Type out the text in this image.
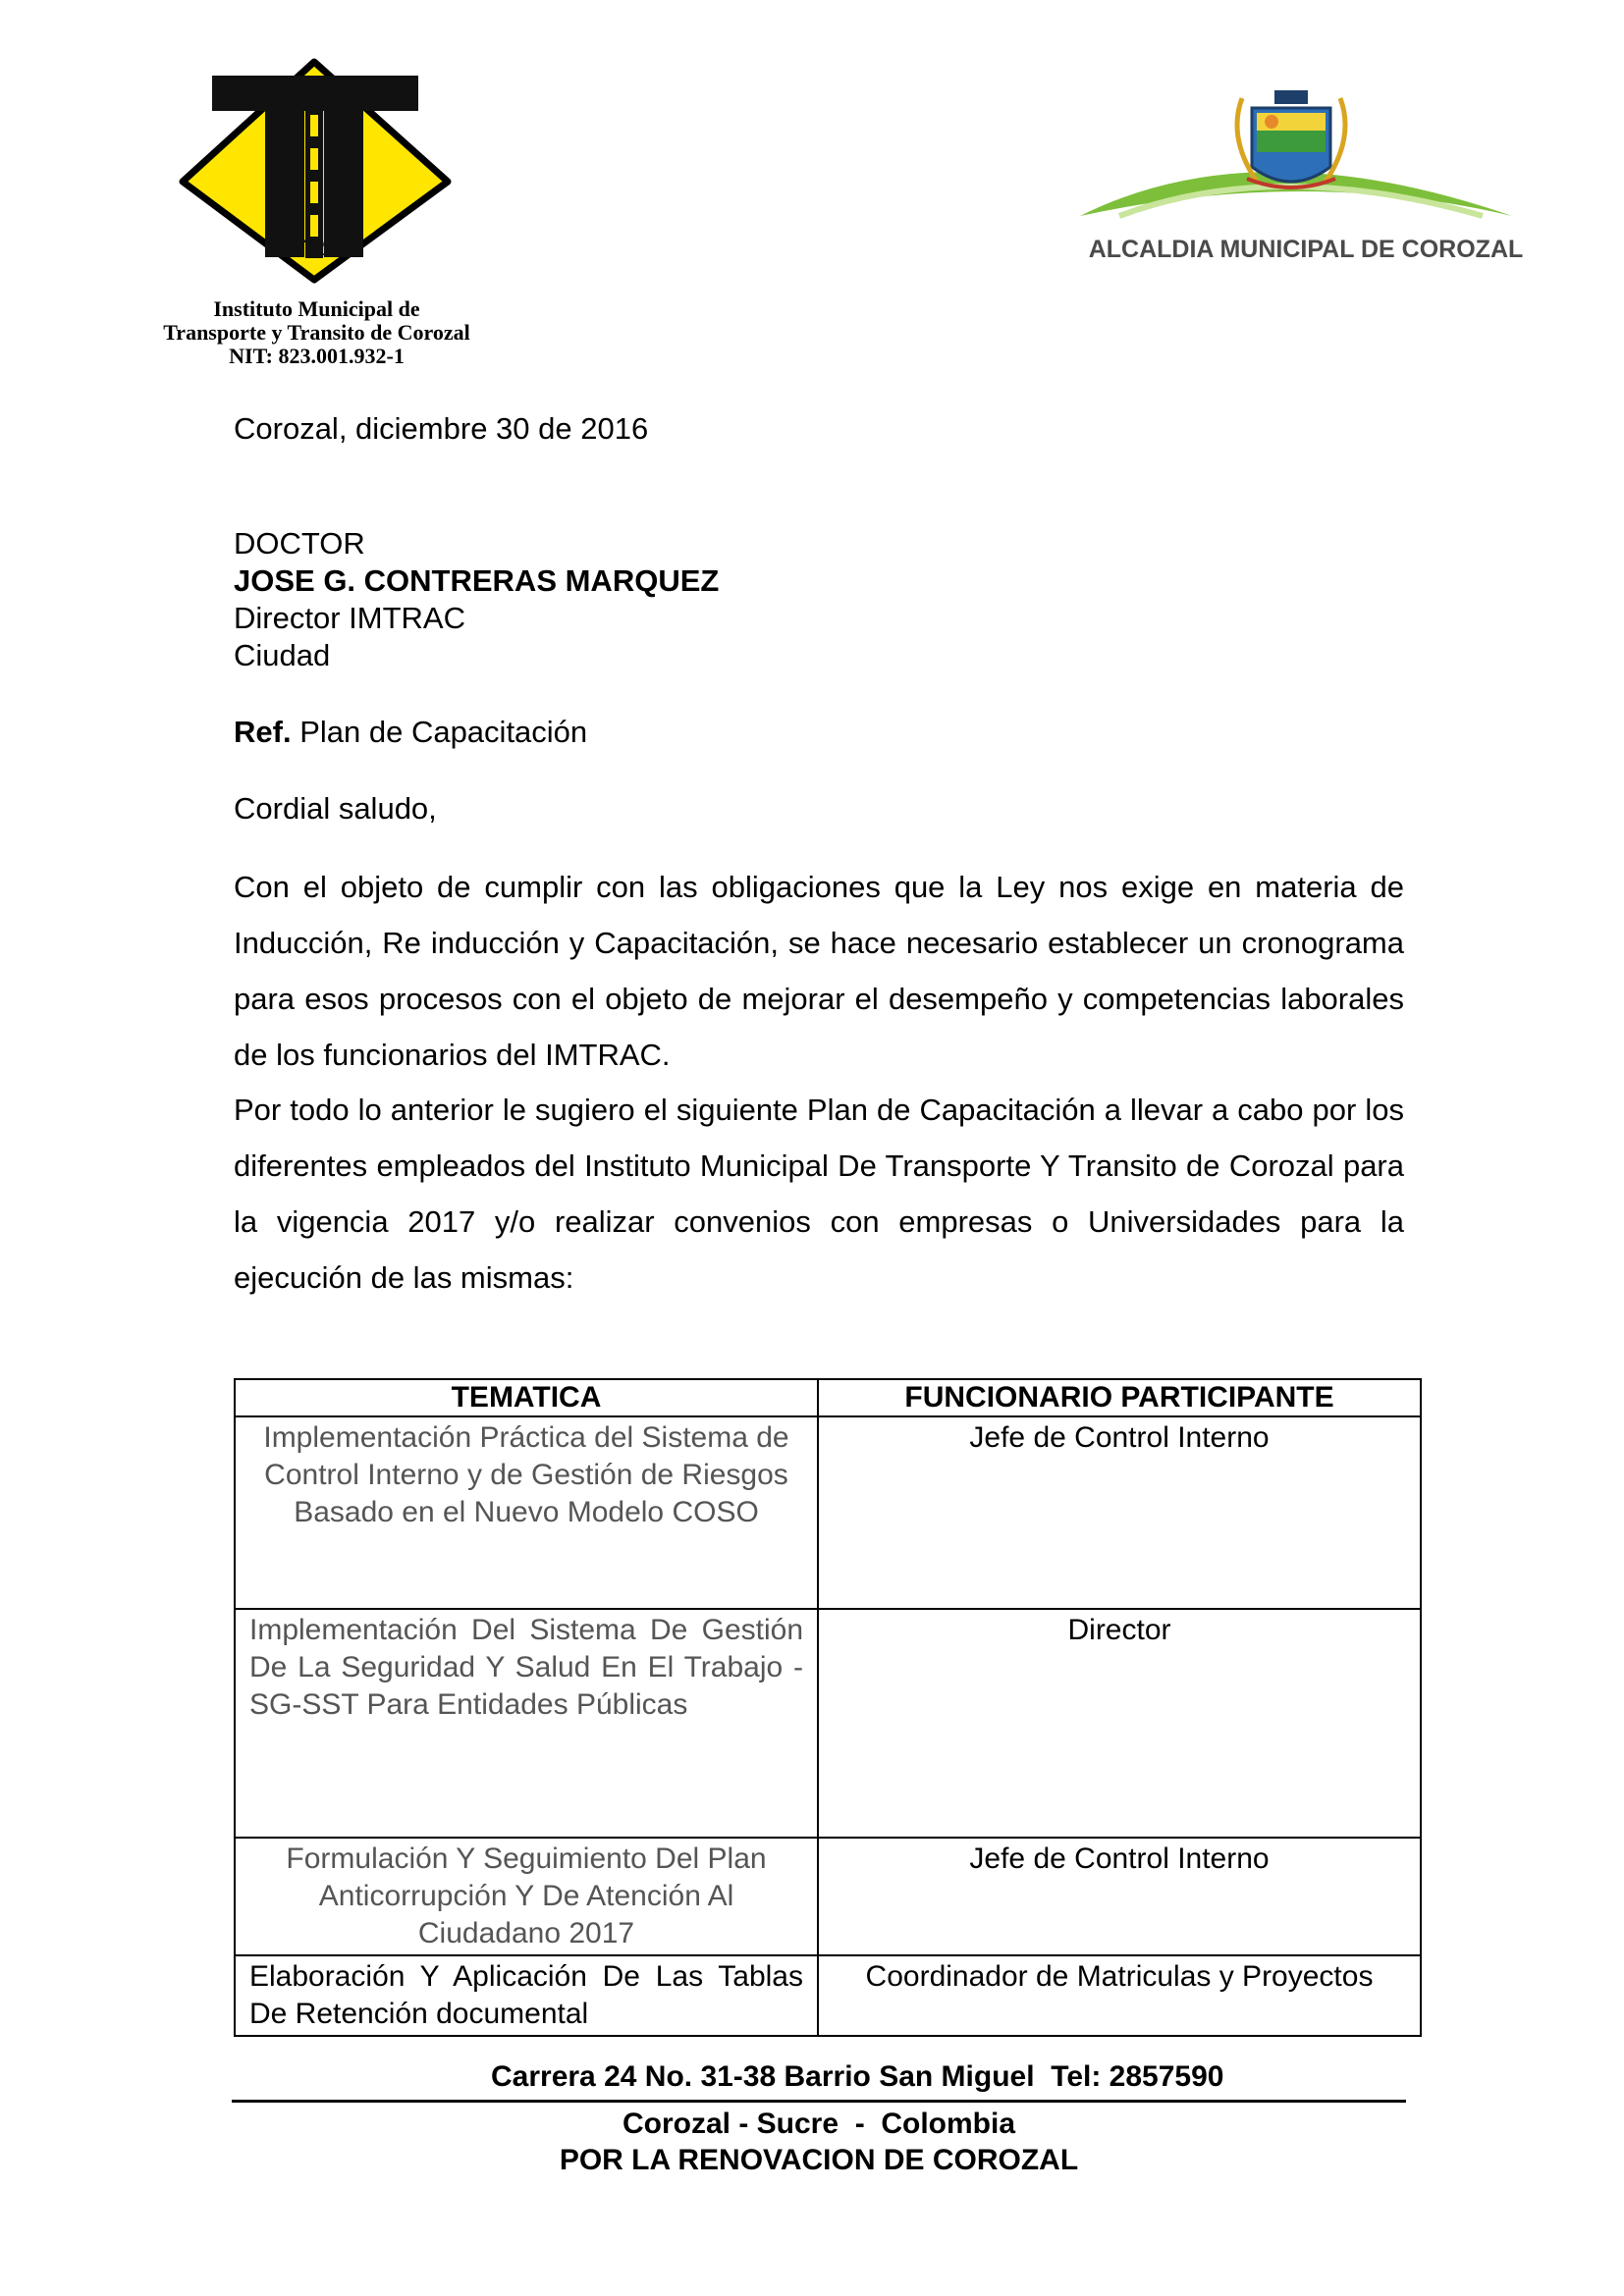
IMTRAC
Instituto Municipal de
Transporte y Transito de Corozal
NIT: 823.001.932-1
ALCALDIA MUNICIPAL DE COROZAL
Corozal, diciembre 30 de 2016
DOCTOR
JOSE G. CONTRERAS MARQUEZ
Director IMTRAC
Ciudad
Ref. Plan de Capacitación
Cordial saludo,
Con el objeto de cumplir con las obligaciones que la Ley nos exige en materia de Inducción, Re inducción y Capacitación, se hace necesario establecer un cronograma para esos procesos con el objeto de mejorar el desempeño y competencias laborales de los funcionarios del IMTRAC.
Por todo lo anterior le sugiero el siguiente Plan de Capacitación a llevar a cabo por los diferentes empleados del Instituto Municipal De Transporte Y Transito de Corozal para la vigencia 2017 y/o realizar convenios con empresas o Universidades para la ejecución de las mismas:
TEMATICA	FUNCIONARIO PARTICIPANTE
Implementación Práctica del Sistema de Control Interno y de Gestión de Riesgos Basado en el Nuevo Modelo COSO	Jefe de Control Interno
Implementación Del Sistema De Gestión De La Seguridad Y Salud En El Trabajo - SG-SST Para Entidades Públicas	Director
Formulación Y Seguimiento Del Plan Anticorrupción Y De Atención Al Ciudadano 2017	Jefe de Control Interno
Elaboración Y Aplicación De Las Tablas De Retención documental	Coordinador de Matriculas y Proyectos
Carrera 24 No. 31-38 Barrio San Miguel  Tel: 2857590
Corozal - Sucre  -  Colombia
POR LA RENOVACION DE COROZAL
